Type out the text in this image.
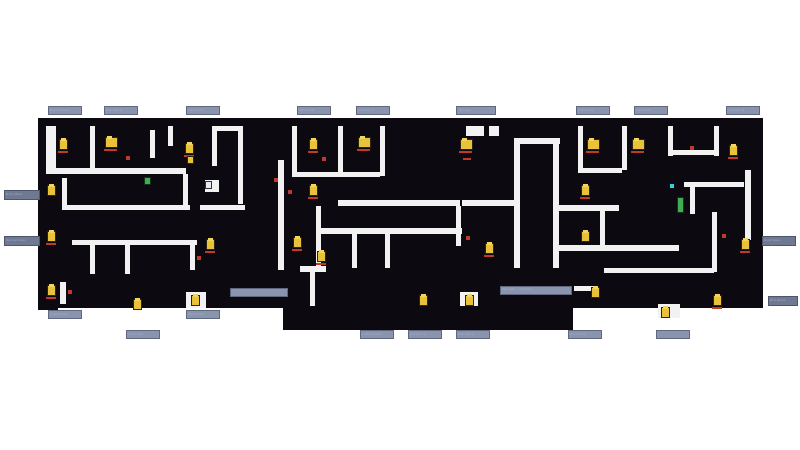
Breach Point	Stairwell A	Office 101	Office 102	Corridor N	Storage	Office 110	Office 111	Stairwell B
Entry West
Service Door	Entry East
Exit Ramp
Loading Bay
Office 201
Office 202
Lobby South	Corridor S	Stairwell C	Exit South
Main Hall — Objective
